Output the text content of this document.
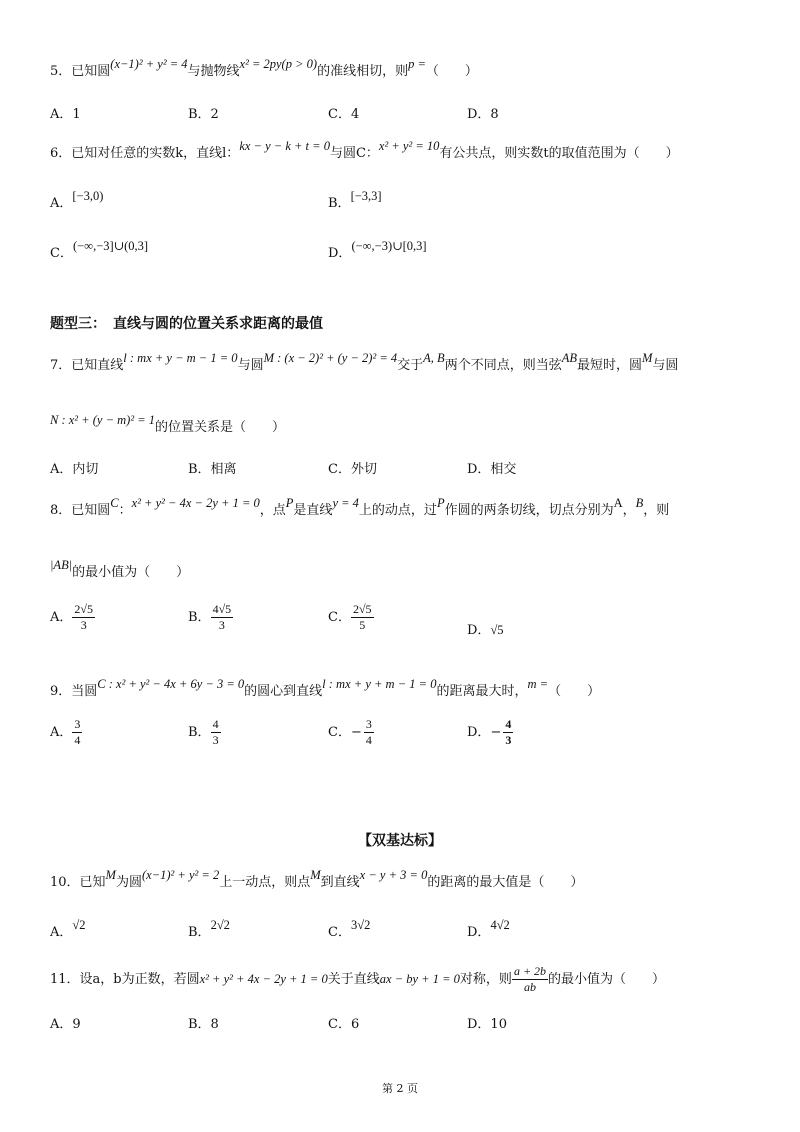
5．已知圆(x−1)² + y² = 4与抛物线x² = 2py(p > 0)的准线相切，则p =（　　）
A．1	B．2	C．4	D．8
6．已知对任意的实数k，直线l：kx − y − k + t = 0与圆C：x² + y² = 10有公共点，则实数t的取值范围为（　　）
A．[−3,0)	B．[−3,3]
C．(−∞,−3]∪(0,3]	D．(−∞,−3)∪[0,3]
题型三：　直线与圆的位置关系求距离的最值
7．已知直线l : mx + y − m − 1 = 0与圆M : (x − 2)² + (y − 2)² = 4交于A, B两个不同点，则当弦AB最短时，圆M与圆
N : x² + (y − m)² = 1的位置关系是（　　）
A．内切	B．相离	C．外切	D．相交
8．已知圆C：x² + y² − 4x − 2y + 1 = 0，点P是直线y = 4上的动点，过P作圆的两条切线，切点分别为A，B，则
|AB|的最小值为（　　）
A． $\frac{2√5}{3}$	B． $\frac{4√5}{3}$	C． $\frac{2√5}{5}$	D．√5
9．当圆C : x² + y² − 4x + 6y − 3 = 0的圆心到直线l : mx + y + m − 1 = 0的距离最大时，m =（　　）
A． $\frac{3}{4}$	B． $\frac{4}{3}$	C．− $\frac{3}{4}$	D．− $\frac{4}{3}$
【双基达标】
10．已知M为圆(x−1)² + y² = 2上一动点，则点M到直线x − y + 3 = 0的距离的最大值是（　　）
A．√2	B．2√2	C．3√2	D．4√2
11．设a，b为正数，若圆x² + y² + 4x − 2y + 1 = 0关于直线ax − by + 1 = 0对称，则 $\frac{a + 2b}{ab}$ 的最小值为（　　）
A．9	B．8	C．6	D．10
第 2 页
